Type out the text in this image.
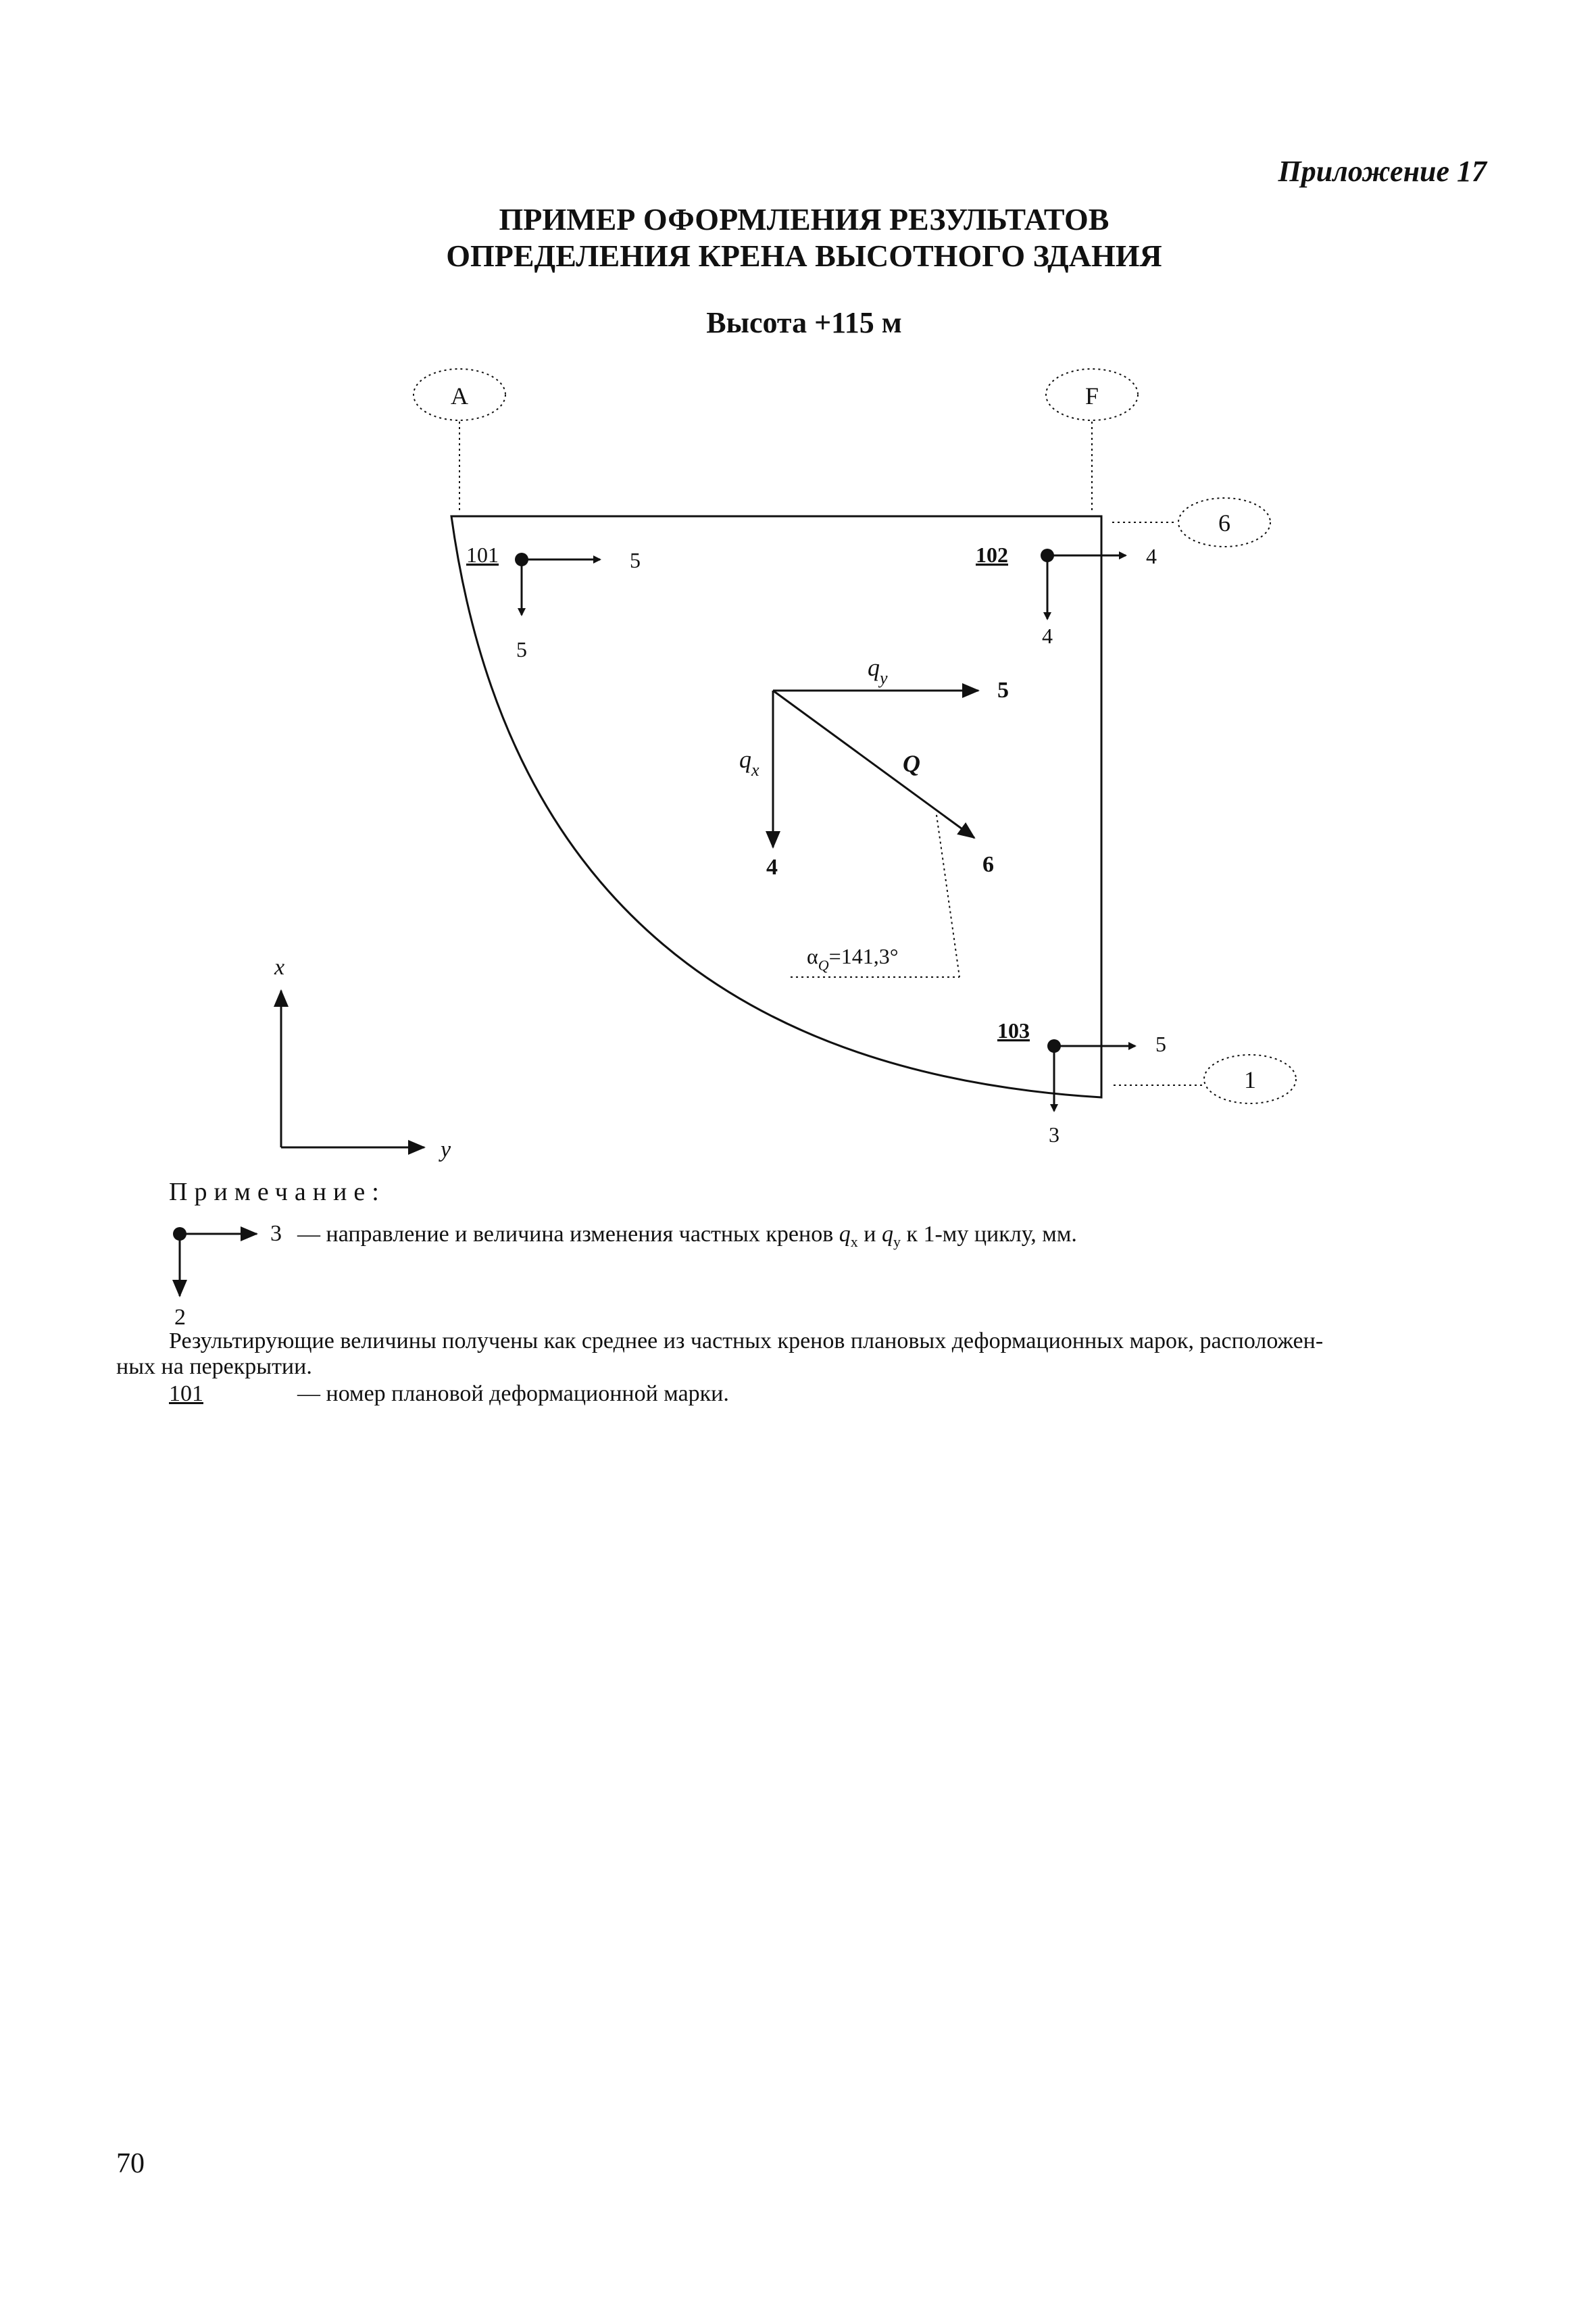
Приложение 17
ПРИМЕР ОФОРМЛЕНИЯ РЕЗУЛЬТАТОВ
ОПРЕДЕЛЕНИЯ КРЕНА ВЫСОТНОГО ЗДАНИЯ
Высота +115 м
A	F
6
1
101	5
5
102	4
4
103
5
3
$q_y$	5
$q_x$
4
Q
6
$\alpha_Q=141,3^\circ$
x
y
3
2
Примечание:
— направление и величина изменения частных кренов $q_x$ и $q_y$ к 1-му циклу, мм.
Результирующие величины получены как среднее из частных кренов плановых деформационных марок, расположен-
ных на перекрытии.
101	— номер плановой деформационной марки.
70
